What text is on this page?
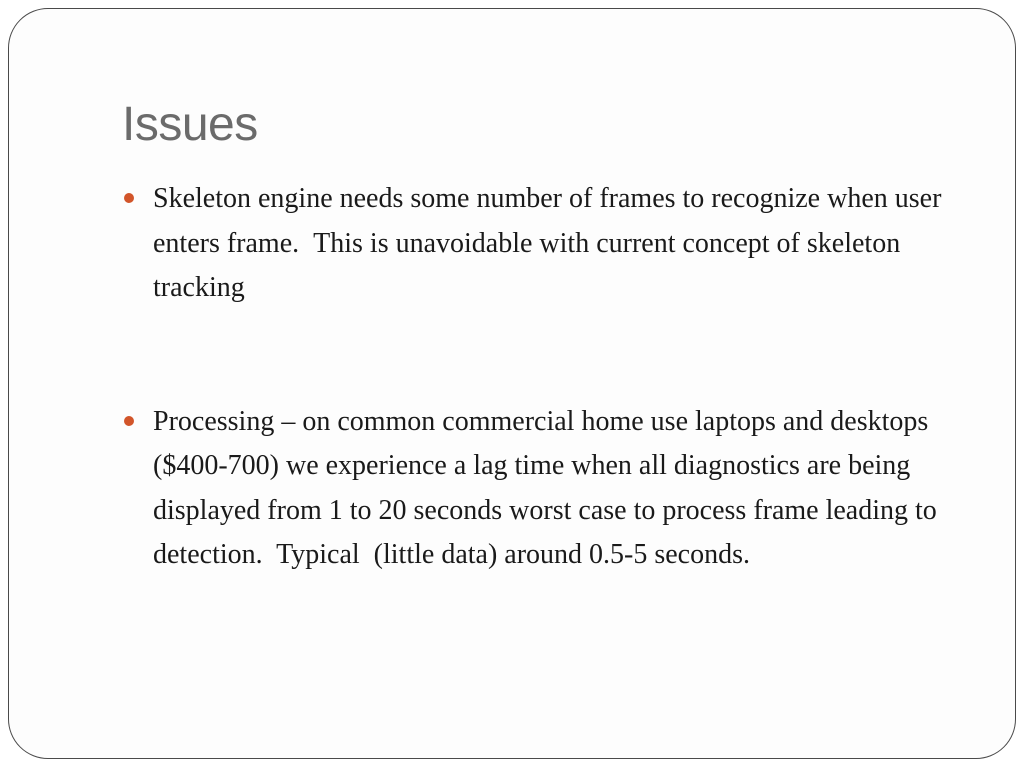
Issues
Skeleton engine needs some number of frames to recognize when user enters frame.  This is unavoidable with current concept of skeleton tracking
Processing – on common commercial home use laptops and desktops ($400-700) we experience a lag time when all diagnostics are being displayed from 1 to 20 seconds worst case to process frame leading to detection.  Typical  (little data) around 0.5-5 seconds.
